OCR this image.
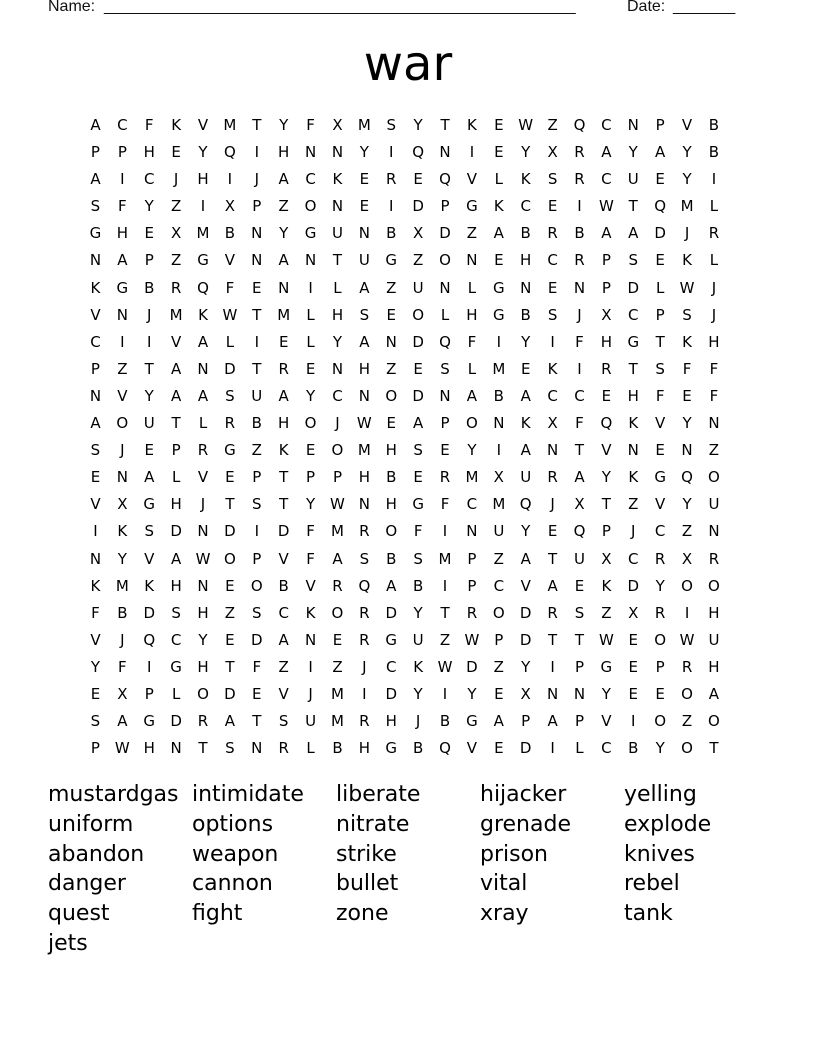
Name: _____________________________________________________	Date: _______
war
A	C	F	K	V	M	T	Y	F	X	M	S	Y	T	K	E W Z	Q	C	N	P	V	B
P	P	H	E	Y	Q	I	H	N	N	Y	I	Q	N	I	E	Y	X	R	A	Y	A	Y	B
A	I	C	J	H	I	J	A	C	K	E	R	E	Q	V	L	K	S	R	C	U	E	Y	I
S	F	Y	Z	I	X	P	Z	O	N	E	I	D	P	G	K	C	E	I	W T	Q M	L
G	H	E	X	M	B	N	Y	G	U	N	B	X	D	Z	A	B	R	B	A	A	D	J	R
N	A	P	Z	G	V	N	A	N	T	U	G	Z	O	N	E	H	C	R	P	S	E	K	L
K	G	B	R	Q	F	E	N	I	L	A	Z	U	N	L	G	N	E	N	P	D	L	W	J
V	N	J	M	K W T	M	L	H	S	E	O	L	H	G	B	S	J	X	C	P	S	J
C	I	I	V	A	L	I	E	L	Y	A	N	D	Q	F	I	Y	I	F	H	G	T	K	H
P	Z	T	A	N	D	T	R	E	N	H	Z	E	S	L	M	E	K	I	R	T	S	F	F
N	V	Y	A	A	S	U	A	Y	C	N	O	D	N	A	B	A	C	C	E	H	F	E	F
A	O	U	T	L	R	B	H	O	J	W E	A	P	O	N	K	X	F	Q	K	V	Y	N
S	J	E	P	R	G	Z	K	E	O M H	S	E	Y	I	A	N	T	V	N	E	N	Z
E	N	A	L	V	E	P	T	P	P	H	B	E	R	M	X	U	R	A	Y	K	G	Q	O
V	X	G	H	J	T	S	T	Y W N	H	G	F	C	M Q	J	X	T	Z	V	Y	U
I	K	S	D	N	D	I	D	F	M	R	O	F	I	N	U	Y	E	Q	P	J	C	Z	N
N	Y	V	A W O	P	V	F	A	S	B	S	M	P	Z	A	T	U	X	C	R	X	R
K	M	K	H	N	E	O	B	V	R	Q	A	B	I	P	C	V	A	E	K	D	Y	O	O
F	B	D	S	H	Z	S	C	K	O	R	D	Y	T	R	O	D	R	S	Z	X	R	I	H
V	J	Q	C	Y	E	D	A	N	E	R	G	U	Z W P	D	T	T W E	O W U
Y	F	I	G	H	T	F	Z	I	Z	J	C	K W D	Z	Y	I	P	G	E	P	R	H
E	X	P	L	O	D	E	V	J	M	I	D	Y	I	Y	E	X	N	N	Y	E	E	O	A
S	A	G	D	R	A	T	S	U M	R	H	J	B	G	A	P	A	P	V	I	O	Z	O
P W H	N	T	S	N	R	L	B	H	G	B	Q	V	E	D	I	L	C	B	Y	O	T
mustardgas intimidate	liberate	hijacker	yelling
uniform	options	nitrate	grenade	explode
abandon	weapon	strike	prison	knives
danger	cannon	bullet	vital	rebel
quest	fight	zone	xray	tank
jets
